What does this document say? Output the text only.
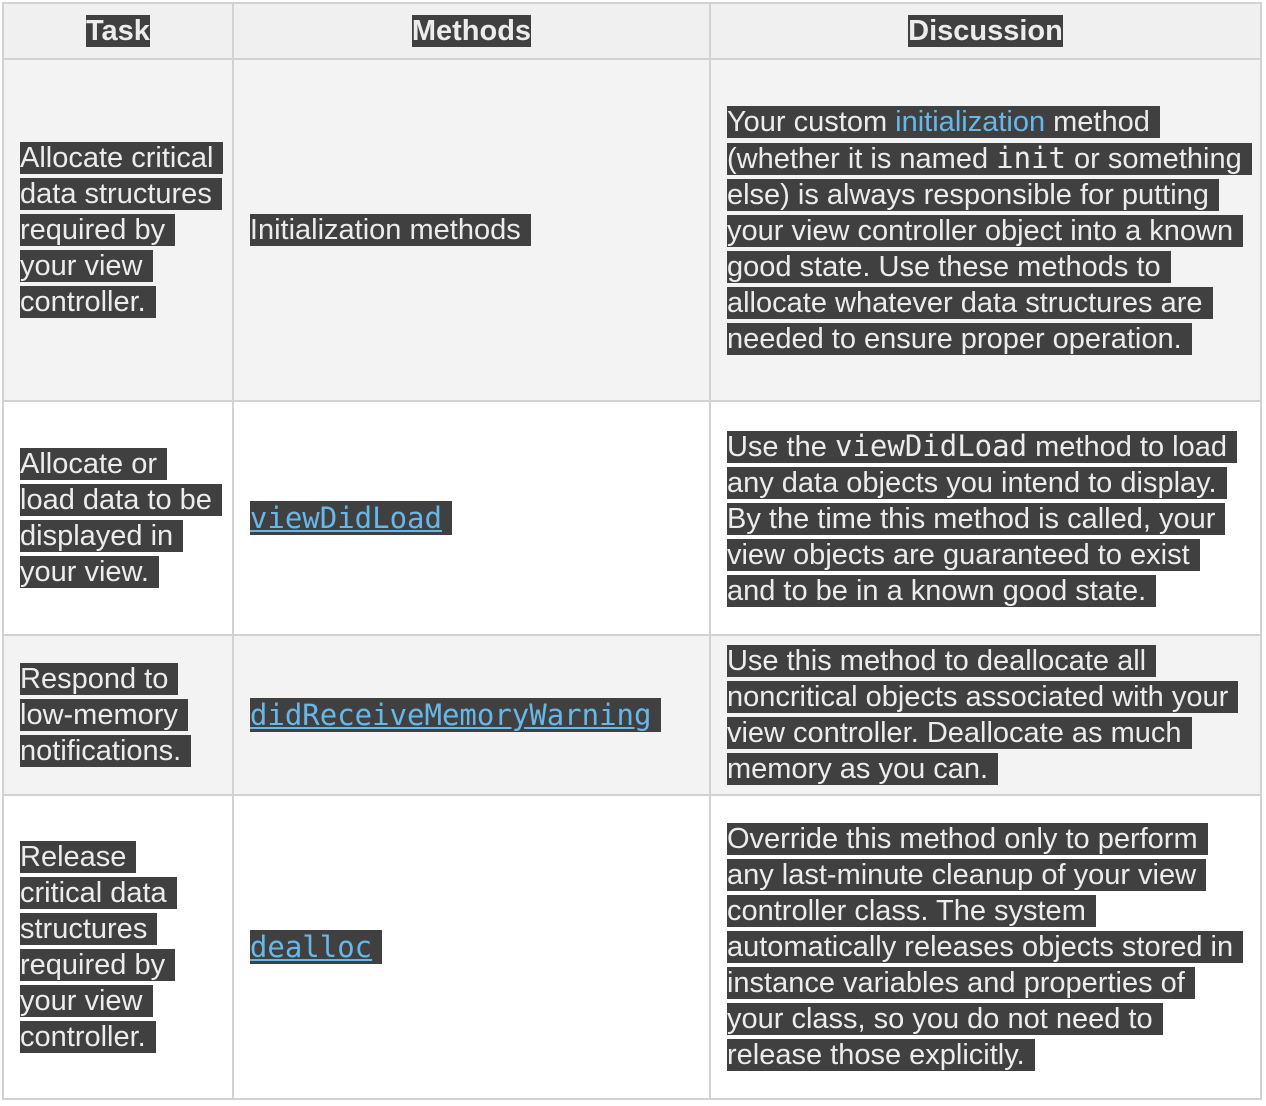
Task	Methods	Discussion
Allocate critical data structures required by your view controller.	Initialization methods	Your custom initialization method (whether it is named init or something else) is always responsible for putting your view controller object into a known good state. Use these methods to allocate whatever data structures are needed to ensure proper operation.
Allocate or load data to be displayed in your view.	viewDidLoad	Use the viewDidLoad method to load any data objects you intend to display. By the time this method is called, your view objects are guaranteed to exist and to be in a known good state.
Respond to low-memory notifications.	didReceiveMemoryWarning	Use this method to deallocate all noncritical objects associated with your view controller. Deallocate as much memory as you can.
Release critical data structures required by your view controller.	dealloc	Override this method only to perform any last-minute cleanup of your view controller class. The system automatically releases objects stored in instance variables and properties of your class, so you do not need to release those explicitly.
